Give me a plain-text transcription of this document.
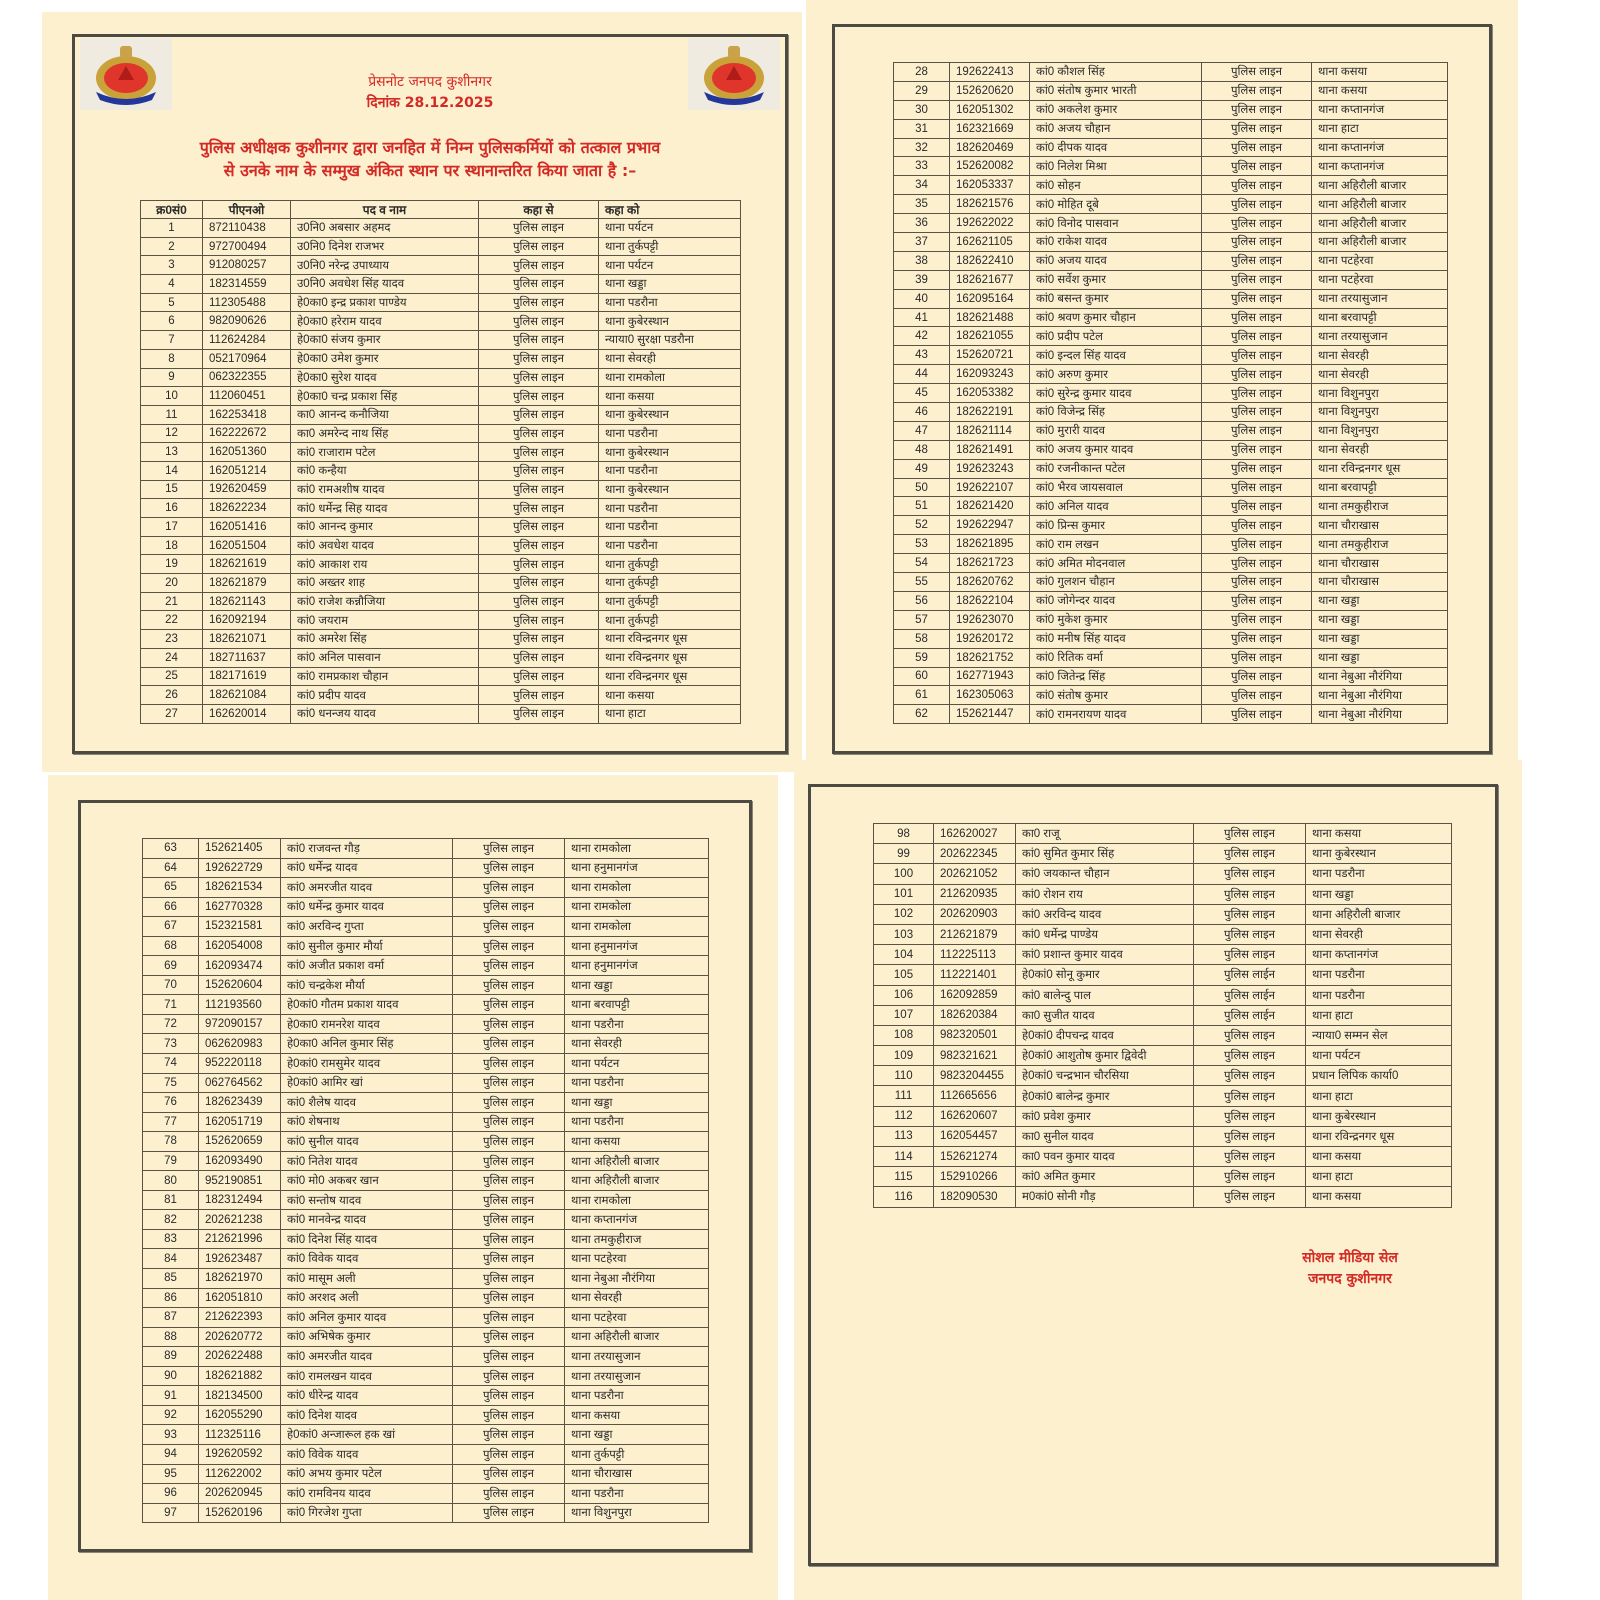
प्रेसनोट जनपद कुशीनगर
दिनांक 28.12.2025
पुलिस अधीक्षक कुशीनगर द्वारा जनहित में निम्न पुलिसकर्मियों को तत्काल प्रभाव
से उनके नाम के सम्मुख अंकित स्थान पर स्थानान्तरित किया जाता है :–
क्र0सं0	पीएनओ	पद व नाम	कहा से	कहा को
1	872110438	उ0नि0 अबसार अहमद	पुलिस लाइन	थाना पर्यटन
2	972700494	उ0नि0 दिनेश राजभर	पुलिस लाइन	थाना तुर्कपट्टी
3	912080257	उ0नि0 नरेन्द्र उपाध्याय	पुलिस लाइन	थाना पर्यटन
4	182314559	उ0नि0 अवधेश सिंह यादव	पुलिस लाइन	थाना खड्डा
5	112305488	हे0का0 इन्द्र प्रकाश पाण्डेय	पुलिस लाइन	थाना पडरौना
6	982090626	हे0का0 हरेराम यादव	पुलिस लाइन	थाना कुबेरस्थान
7	112624284	हे0का0 संजय कुमार	पुलिस लाइन	न्याया0 सुरक्षा पडरौना
8	052170964	हे0का0 उमेश कुमार	पुलिस लाइन	थाना सेवरही
9	062322355	हे0का0 सुरेश यादव	पुलिस लाइन	थाना रामकोला
10	112060451	हे0का0 चन्द्र प्रकाश सिंह	पुलिस लाइन	थाना कसया
11	162253418	का0 आनन्द कनौजिया	पुलिस लाइन	थाना कुबेरस्थान
12	162222672	का0 अमरेन्द नाथ सिंह	पुलिस लाइन	थाना पडरौना
13	162051360	कां0 राजाराम पटेल	पुलिस लाइन	थाना कुबेरस्थान
14	162051214	कां0 कन्हैया	पुलिस लाइन	थाना पडरौना
15	192620459	कां0 रामअशीष यादव	पुलिस लाइन	थाना कुबेरस्थान
16	182622234	कां0 धर्मेन्द्र सिह यादव	पुलिस लाइन	थाना पडरौना
17	162051416	कां0 आनन्द कुमार	पुलिस लाइन	थाना पडरौना
18	162051504	कां0 अवधेश यादव	पुलिस लाइन	थाना पडरौना
19	182621619	कां0 आकाश राय	पुलिस लाइन	थाना तुर्कपट्टी
20	182621879	कां0 अख्तर शाह	पुलिस लाइन	थाना तुर्कपट्टी
21	182621143	कां0 राजेश कन्नौजिया	पुलिस लाइन	थाना तुर्कपट्टी
22	162092194	कां0 जयराम	पुलिस लाइन	थाना तुर्कपट्टी
23	182621071	कां0 अमरेश सिंह	पुलिस लाइन	थाना रविन्द्रनगर धूस
24	182711637	कां0 अनिल पासवान	पुलिस लाइन	थाना रविन्द्रनगर धूस
25	182171619	कां0 रामप्रकाश चौहान	पुलिस लाइन	थाना रविन्द्रनगर धूस
26	182621084	कां0 प्रदीप यादव	पुलिस लाइन	थाना कसया
27	162620014	कां0 धनन्जय यादव	पुलिस लाइन	थाना हाटा
28	192622413	कां0 कौशल सिंह	पुलिस लाइन	थाना कसया
29	152620620	कां0 संतोष कुमार भारती	पुलिस लाइन	थाना कसया
30	162051302	कां0 अकलेश कुमार	पुलिस लाइन	थाना कप्तानगंज
31	162321669	कां0 अजय चौहान	पुलिस लाइन	थाना हाटा
32	182620469	कां0 दीपक यादव	पुलिस लाइन	थाना कप्तानगंज
33	152620082	कां0 निलेश मिश्रा	पुलिस लाइन	थाना कप्तानगंज
34	162053337	कां0 सोहन	पुलिस लाइन	थाना अहिरौली बाजार
35	182621576	कां0 मोहित दूबे	पुलिस लाइन	थाना अहिरौली बाजार
36	192622022	कां0 विनोद पासवान	पुलिस लाइन	थाना अहिरौली बाजार
37	162621105	कां0 राकेश यादव	पुलिस लाइन	थाना अहिरौली बाजार
38	182622410	कां0 अजय यादव	पुलिस लाइन	थाना पटहेरवा
39	182621677	कां0 सर्वेश कुमार	पुलिस लाइन	थाना पटहेरवा
40	162095164	कां0 बसन्त कुमार	पुलिस लाइन	थाना तरयासुजान
41	182621488	कां0 श्रवण कुमार चौहान	पुलिस लाइन	थाना बरवापट्टी
42	182621055	कां0 प्रदीप पटेल	पुलिस लाइन	थाना तरयासुजान
43	152620721	कां0 इन्दल सिंह यादव	पुलिस लाइन	थाना सेवरही
44	162093243	कां0 अरुण कुमार	पुलिस लाइन	थाना सेवरही
45	162053382	कां0 सुरेन्द्र कुमार यादव	पुलिस लाइन	थाना विशुनपुरा
46	182622191	कां0 विजेन्द्र सिंह	पुलिस लाइन	थाना विशुनपुरा
47	182621114	कां0 मुरारी यादव	पुलिस लाइन	थाना विशुनपुरा
48	182621491	कां0 अजय कुमार यादव	पुलिस लाइन	थाना सेवरही
49	192623243	कां0 रजनीकान्त पटेल	पुलिस लाइन	थाना रविन्द्रनगर धूस
50	192622107	कां0 भैरव जायसवाल	पुलिस लाइन	थाना बरवापट्टी
51	182621420	कां0 अनिल यादव	पुलिस लाइन	थाना तमकुहीराज
52	192622947	कां0 प्रिन्स कुमार	पुलिस लाइन	थाना चौराखास
53	182621895	कां0 राम लखन	पुलिस लाइन	थाना तमकुहीराज
54	182621723	कां0 अमित मोदनवाल	पुलिस लाइन	थाना चौराखास
55	182620762	कां0 गुलशन चौहान	पुलिस लाइन	थाना चौराखास
56	182622104	कां0 जोगेन्दर यादव	पुलिस लाइन	थाना खड्डा
57	192623070	कां0 मुकेश कुमार	पुलिस लाइन	थाना खड्डा
58	192620172	कां0 मनीष सिंह यादव	पुलिस लाइन	थाना खड्डा
59	182621752	कां0 रितिक वर्मा	पुलिस लाइन	थाना खड्डा
60	162771943	कां0 जितेन्द्र सिंह	पुलिस लाइन	थाना नेबुआ नौरंगिया
61	162305063	कां0 संतोष कुमार	पुलिस लाइन	थाना नेबुआ नौरंगिया
62	152621447	कां0 रामनरायण यादव	पुलिस लाइन	थाना नेबुआ नौरंगिया
63	152621405	कां0 राजवन्त गौड़	पुलिस लाइन	थाना रामकोला
64	192622729	कां0 धर्मेन्द्र यादव	पुलिस लाइन	थाना हनुमानगंज
65	182621534	कां0 अमरजीत यादव	पुलिस लाइन	थाना रामकोला
66	162770328	कां0 धर्मेन्द्र कुमार यादव	पुलिस लाइन	थाना रामकोला
67	152321581	कां0 अरविन्द गुप्ता	पुलिस लाइन	थाना रामकोला
68	162054008	कां0 सुनील कुमार मौर्या	पुलिस लाइन	थाना हनुमानगंज
69	162093474	कां0 अजीत प्रकाश वर्मा	पुलिस लाइन	थाना हनुमानगंज
70	152620604	कां0 चन्द्रकेश मौर्या	पुलिस लाइन	थाना खड्डा
71	112193560	हे0कां0 गौतम प्रकाश यादव	पुलिस लाइन	थाना बरवापट्टी
72	972090157	हे0का0 रामनरेश यादव	पुलिस लाइन	थाना पडरौना
73	062620983	हे0का0 अनिल कुमार सिंह	पुलिस लाइन	थाना सेवरही
74	952220118	हे0कां0 रामसुमेर यादव	पुलिस लाइन	थाना पर्यटन
75	062764562	हे0कां0 आमिर खां	पुलिस लाइन	थाना पडरौना
76	182623439	कां0 शैलेष यादव	पुलिस लाइन	थाना खड्डा
77	162051719	कां0 शेषनाथ	पुलिस लाइन	थाना पडरौना
78	152620659	कां0 सुनील यादव	पुलिस लाइन	थाना कसया
79	162093490	कां0 नितेश यादव	पुलिस लाइन	थाना अहिरौली बाजार
80	952190851	कां0 मो0 अकबर खान	पुलिस लाइन	थाना अहिरौली बाजार
81	182312494	कां0 सन्तोष यादव	पुलिस लाइन	थाना रामकोला
82	202621238	कां0 मानवेन्द्र यादव	पुलिस लाइन	थाना कप्तानगंज
83	212621996	कां0 दिनेश सिंह यादव	पुलिस लाइन	थाना तमकुहीराज
84	192623487	कां0 विवेक यादव	पुलिस लाइन	थाना पटहेरवा
85	182621970	कां0 मासूम अली	पुलिस लाइन	थाना नेबुआ नौरंगिया
86	162051810	कां0 अरशद अली	पुलिस लाइन	थाना सेवरही
87	212622393	कां0 अनिल कुमार यादव	पुलिस लाइन	थाना पटहेरवा
88	202620772	कां0 अभिषेक कुमार	पुलिस लाइन	थाना अहिरौली बाजार
89	202622488	कां0 अमरजीत यादव	पुलिस लाइन	थाना तरयासुजान
90	182621882	कां0 रामलखन यादव	पुलिस लाइन	थाना तरयासुजान
91	182134500	कां0 धीरेन्द्र यादव	पुलिस लाइन	थाना पडरौना
92	162055290	कां0 दिनेश यादव	पुलिस लाइन	थाना कसया
93	112325116	हे0कां0 अन्जारूल हक खां	पुलिस लाइन	थाना खड्डा
94	192620592	कां0 विवेक यादव	पुलिस लाइन	थाना तुर्कपट्टी
95	112622002	कां0 अभय कुमार पटेल	पुलिस लाइन	थाना चौराखास
96	202620945	कां0 रामविनय यादव	पुलिस लाइन	थाना पडरौना
97	152620196	कां0 गिरजेश गुप्ता	पुलिस लाइन	थाना विशुनपुरा
98	162620027	का0 राजू	पुलिस लाइन	थाना कसया
99	202622345	कां0 सुमित कुमार सिंह	पुलिस लाइन	थाना कुबेरस्थान
100	202621052	कां0 जयकान्त चौहान	पुलिस लाइन	थाना पडरौना
101	212620935	कां0 रोशन राय	पुलिस लाइन	थाना खड्डा
102	202620903	कां0 अरविन्द यादव	पुलिस लाइन	थाना अहिरौली बाजार
103	212621879	कां0 धर्मेन्द्र पाण्डेय	पुलिस लाइन	थाना सेवरही
104	112225113	कां0 प्रशान्त कुमार यादव	पुलिस लाइन	थाना कप्तानगंज
105	112221401	हे0कां0 सोनू कुमार	पुलिस लाईन	थाना पडरौना
106	162092859	कां0 बालेन्दु पाल	पुलिस लाईन	थाना पडरौना
107	182620384	का0 सुजीत यादव	पुलिस लाईन	थाना हाटा
108	982320501	हे0कां0 दीपचन्द्र यादव	पुलिस लाइन	न्याया0 सम्मन सेल
109	982321621	हे0कां0 आशुतोष कुमार द्विवेदी	पुलिस लाइन	थाना पर्यटन
110	9823204455	हे0कां0 चन्द्रभान चौरसिया	पुलिस लाइन	प्रधान लिपिक कार्या0
111	112665656	हे0कां0 बालेन्द्र कुमार	पुलिस लाइन	थाना हाटा
112	162620607	कां0 प्रवेश कुमार	पुलिस लाइन	थाना कुबेरस्थान
113	162054457	का0 सुनील यादव	पुलिस लाइन	थाना रविन्द्रनगर धूस
114	152621274	का0 पवन कुमार यादव	पुलिस लाइन	थाना कसया
115	152910266	कां0 अमित कुमार	पुलिस लाइन	थाना हाटा
116	182090530	म0कां0 सोनी गौड़	पुलिस लाइन	थाना कसया
सोशल मीडिया सेल
जनपद कुशीनगर
